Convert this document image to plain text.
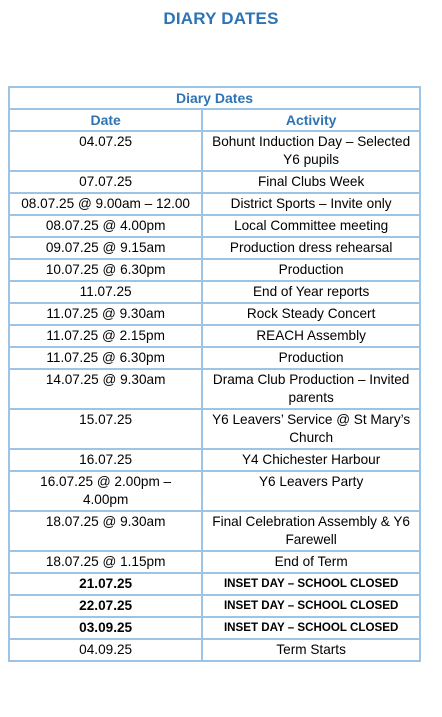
DIARY DATES
Diary Dates	
Date	Activity
04.07.25	Bohunt Induction Day – Selected Y6 pupils
07.07.25	Final Clubs Week
08.07.25 @ 9.00am – 12.00	District Sports – Invite only
08.07.25 @ 4.00pm	Local Committee meeting
09.07.25 @ 9.15am	Production dress rehearsal
10.07.25 @ 6.30pm	Production
11.07.25	End of Year reports
11.07.25 @ 9.30am	Rock Steady Concert
11.07.25 @ 2.15pm	REACH Assembly
11.07.25 @ 6.30pm	Production
14.07.25 @ 9.30am	Drama Club Production – Invited parents
15.07.25	Y6 Leavers’ Service @ St Mary’s Church
16.07.25	Y4 Chichester Harbour
16.07.25 @ 2.00pm – 4.00pm	Y6 Leavers Party
18.07.25 @ 9.30am	Final Celebration Assembly & Y6 Farewell
18.07.25 @ 1.15pm	End of Term
21.07.25	INSET DAY – SCHOOL CLOSED
22.07.25	INSET DAY – SCHOOL CLOSED
03.09.25	INSET DAY – SCHOOL CLOSED
04.09.25	Term Starts
